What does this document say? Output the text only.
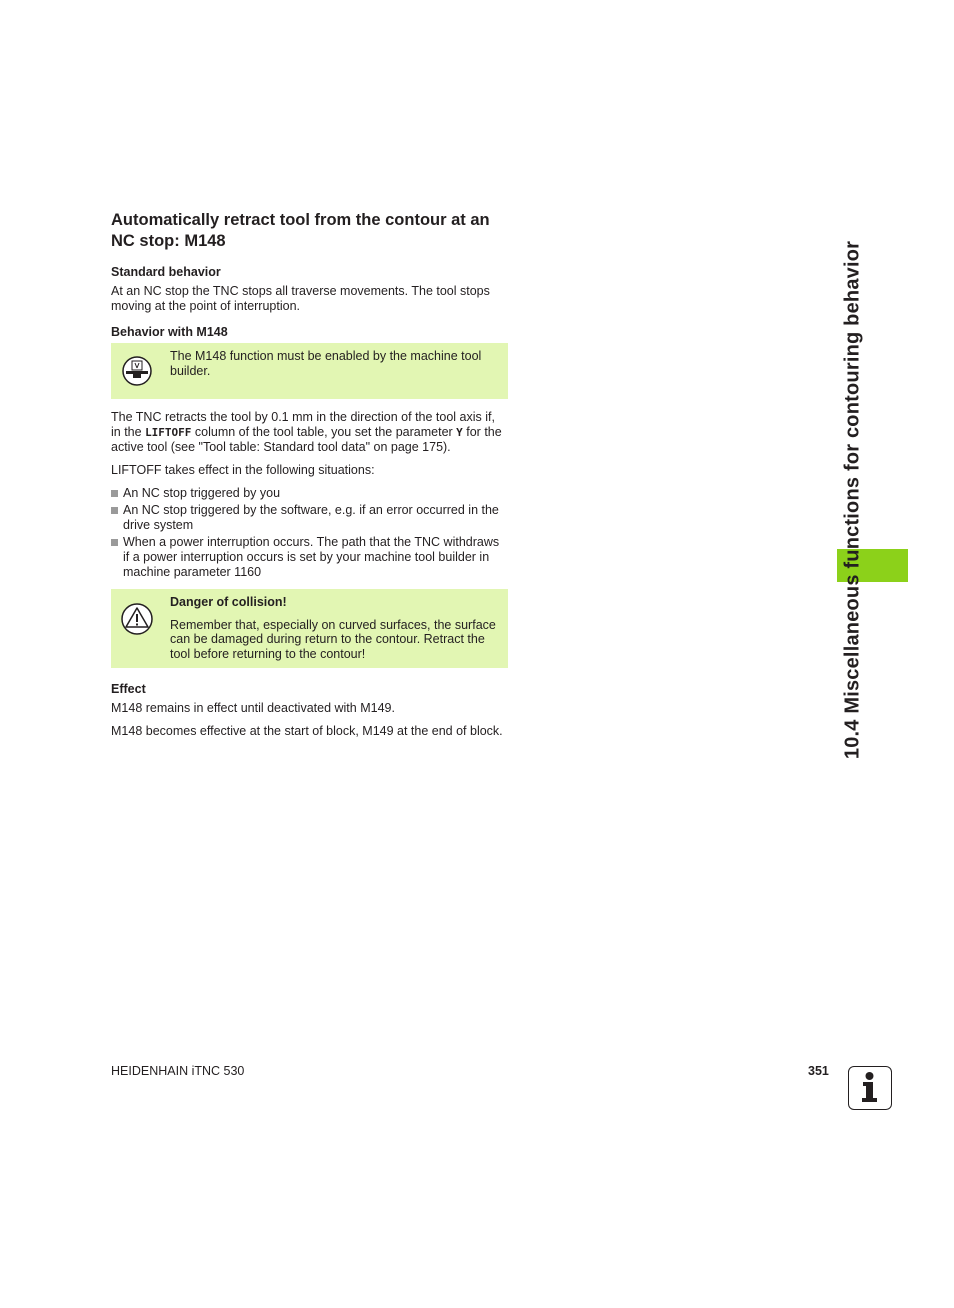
Automatically retract tool from the contour at an NC stop: M148
Standard behavior

At an NC stop the TNC stops all traverse movements. The tool stops moving at the point of interruption.

Behavior with M148

The M148 function must be enabled by the machine tool builder.

The TNC retracts the tool by 0.1 mm in the direction of the tool axis if, in the LIFTOFF column of the tool table, you set the parameter Y for the active tool (see "Tool table: Standard tool data" on page 175).

LIFTOFF takes effect in the following situations:

An NC stop triggered by you
An NC stop triggered by the software, e.g. if an error occurred in the drive system
When a power interruption occurs. The path that the TNC withdraws if a power interruption occurs is set by your machine tool builder in machine parameter 1160

Danger of collision!

Remember that, especially on curved surfaces, the surface can be damaged during return to the contour. Retract the tool before returning to the contour!

Effect

M148 remains in effect until deactivated with M149.

M148 becomes effective at the start of block, M149 at the end of block.	10.4 Miscellaneous functions for contouring behavior
HEIDENHAIN iTNC 530	351
